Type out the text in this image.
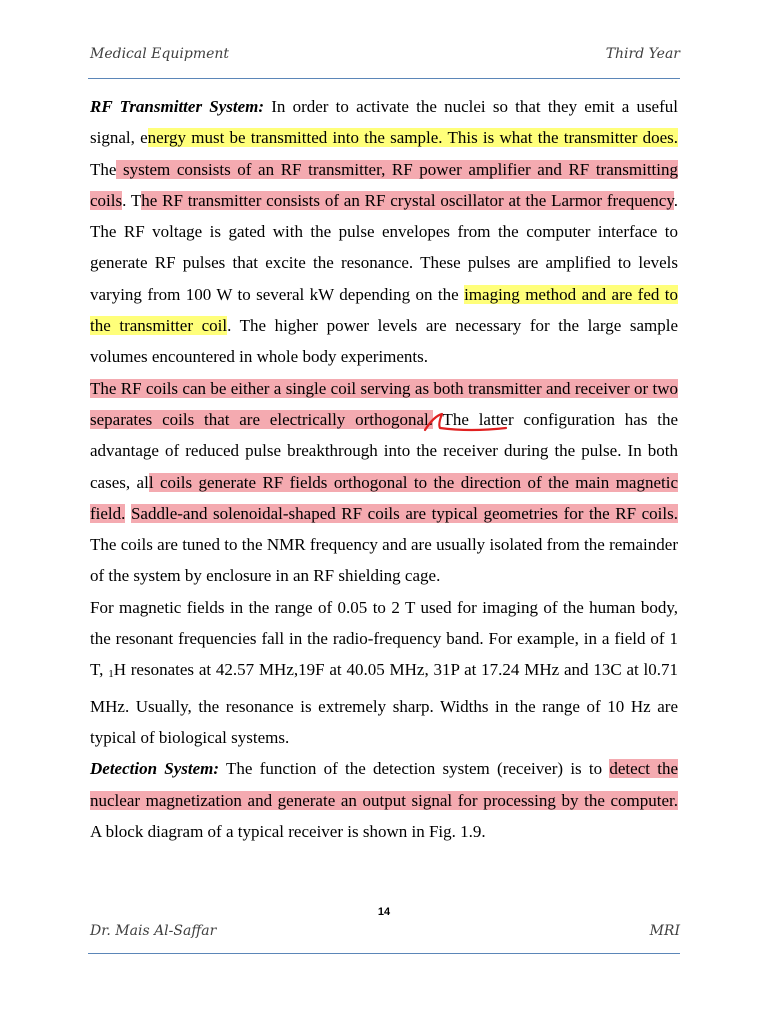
Medical Equipment	Third Year

RF Transmitter System: In order to activate the nuclei so that they emit a useful signal, energy must be transmitted into the sample. This is what the transmitter does. The system consists of an RF transmitter, RF power amplifier and RF transmitting coils. The RF transmitter consists of an RF crystal oscillator at the Larmor frequency. The RF voltage is gated with the pulse envelopes from the computer interface to generate RF pulses that excite the resonance. These pulses are amplified to levels varying from 100 W to several kW depending on the imaging method and are fed to the transmitter coil. The higher power levels are necessary for the large sample volumes encountered in whole body experiments.

The RF coils can be either a single coil serving as both transmitter and receiver or two separates coils that are electrically orthogonal. The latter configuration has the advantage of reduced pulse breakthrough into the receiver during the pulse. In both cases, all coils generate RF fields orthogonal to the direction of the main magnetic field. Saddle-and solenoidal-shaped RF coils are typical geometries for the RF coils. The coils are tuned to the NMR frequency and are usually isolated from the remainder of the system by enclosure in an RF shielding cage.

For magnetic fields in the range of 0.05 to 2 T used for imaging of the human body, the resonant frequencies fall in the radio-frequency band. For example, in a field of 1 T, 1H resonates at 42.57 MHz,19F at 40.05 MHz, 31P at 17.24 MHz and 13C at l0.71 MHz. Usually, the resonance is extremely sharp. Widths in the range of 10 Hz are typical of biological systems.

Detection System: The function of the detection system (receiver) is to detect the nuclear magnetization and generate an output signal for processing by the computer. A block diagram of a typical receiver is shown in Fig. 1.9.

14
Dr. Mais Al-Saffar	MRI
